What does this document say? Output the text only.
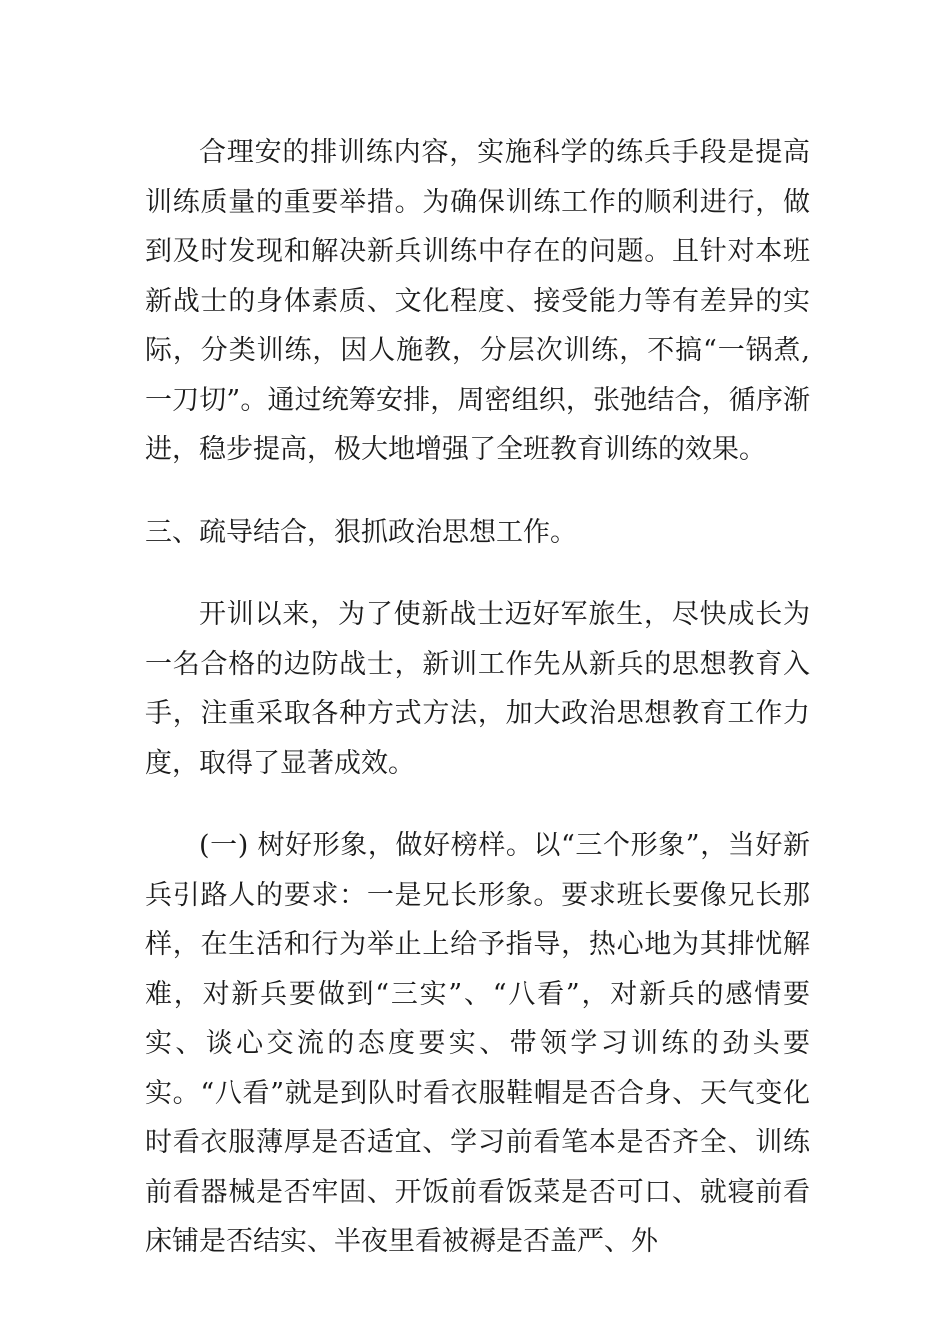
合理安的排训练内容，实施科学的练兵手段是提高训练质量的重要举措。为确保训练工作的顺利进行，做到及时发现和解决新兵训练中存在的问题。且针对本班新战士的身体素质、文化程度、接受能力等有差异的实际，分类训练，因人施教，分层次训练，不搞“一锅煮, 一刀切”。通过统筹安排，周密组织，张弛结合，循序渐进，稳步提高，极大地增强了全班教育训练的效果。

三、疏导结合，狠抓政治思想工作。

开训以来，为了使新战士迈好军旅生，尽快成长为一名合格的边防战士，新训工作先从新兵的思想教育入手，注重采取各种方式方法，加大政治思想教育工作力度，取得了显著成效。

(一) 树好形象，做好榜样。以“三个形象”，当好新兵引路人的要求：一是兄长形象。要求班长要像兄长那样，在生活和行为举止上给予指导，热心地为其排忧解难，对新兵要做到“三实”、“八看”，对新兵的感情要实、谈心交流的态度要实、带领学习训练的劲头要实。“八看”就是到队时看衣服鞋帽是否合身、天气变化时看衣服薄厚是否适宜、学习前看笔本是否齐全、训练前看器械是否牢固、开饭前看饭菜是否可口、就寝前看床铺是否结实、半夜里看被褥是否盖严、外
